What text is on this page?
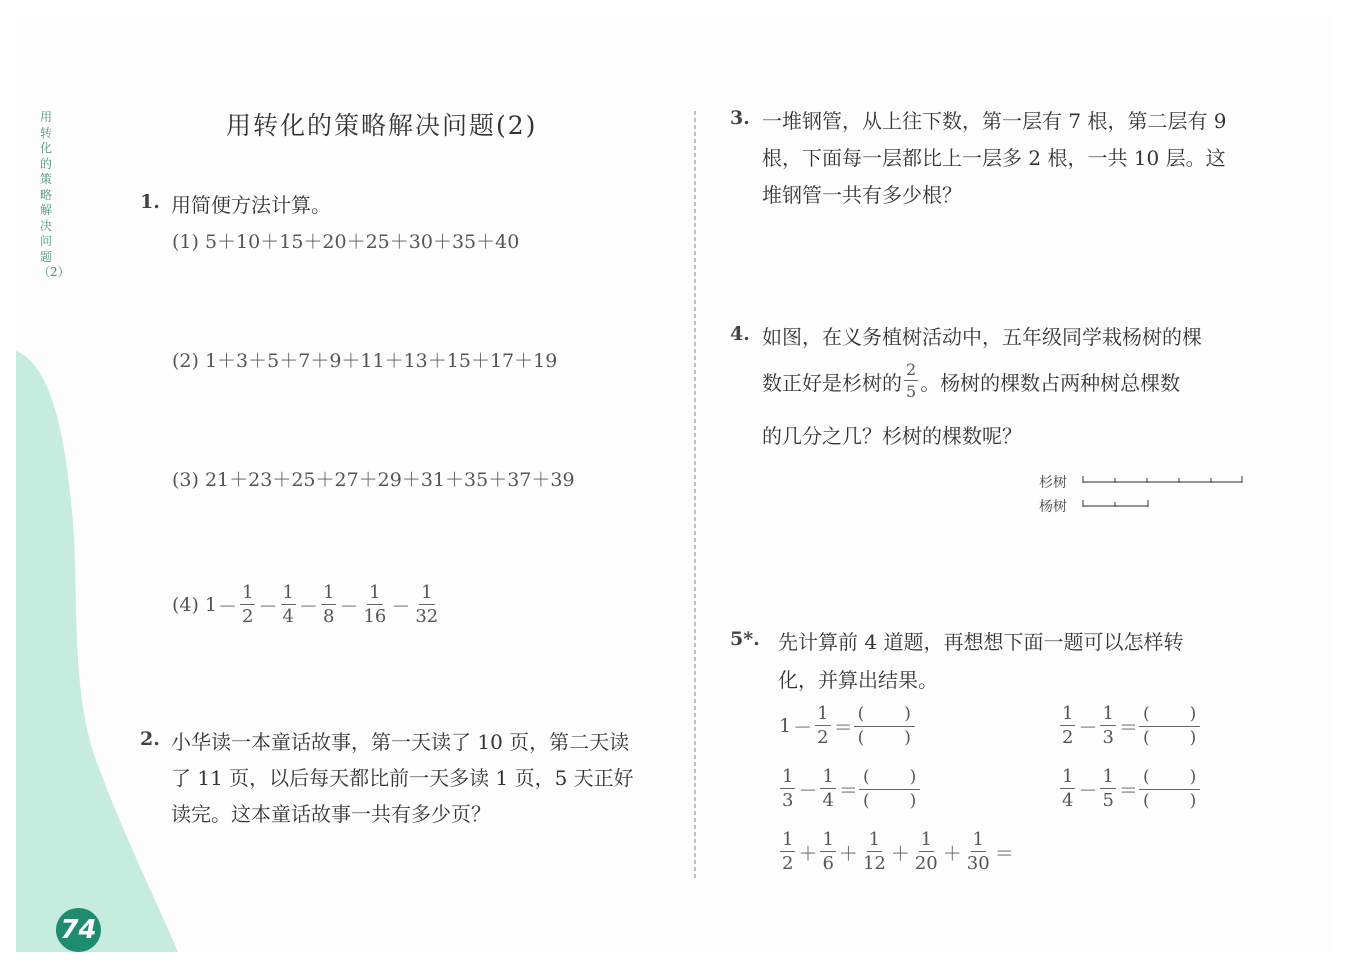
用转化的策略解决问题（2）
用转化的策略解决问题(2)
1. 用简便方法计算。
(1) 5＋10＋15＋20＋25＋30＋35＋40
(2) 1＋3＋5＋7＋9＋11＋13＋15＋17＋19
(3) 21＋23＋25＋27＋29＋31＋35＋37＋39
(4) $1 - \frac{1}{2} - \frac{1}{4} - \frac{1}{8} - \frac{1}{16} - \frac{1}{32}$
2. 小华读一本童话故事，第一天读了 10 页，第二天读
了 11 页，以后每天都比前一天多读 1 页，5 天正好
读完。这本童话故事一共有多少页？
3. 一堆钢管，从上往下数，第一层有 7 根，第二层有 9
根，下面每一层都比上一层多 2 根，一共 10 层。这
堆钢管一共有多少根？
4. 如图，在义务植树活动中，五年级同学栽杨树的棵
数正好是杉树的 $\frac{2}{5}$ 。杨树的棵数占两种树总棵数
的几分之几？杉树的棵数呢？
杉树
杨树
5*. 先计算前 4 道题，再想想下面一题可以怎样转
化，并算出结果。
$1 - \frac{1}{2}$ ＝
( )
( )	$\frac{1}{2} - \frac{1}{3}$ ＝
( )
( )
$\frac{1}{3} - \frac{1}{4}$ ＝
( )
( )	$\frac{1}{4} - \frac{1}{5}$ ＝
( )
( )
$\frac{1}{2} + \frac{1}{6} + \frac{1}{12} + \frac{1}{20} + \frac{1}{30}$ ＝
74
